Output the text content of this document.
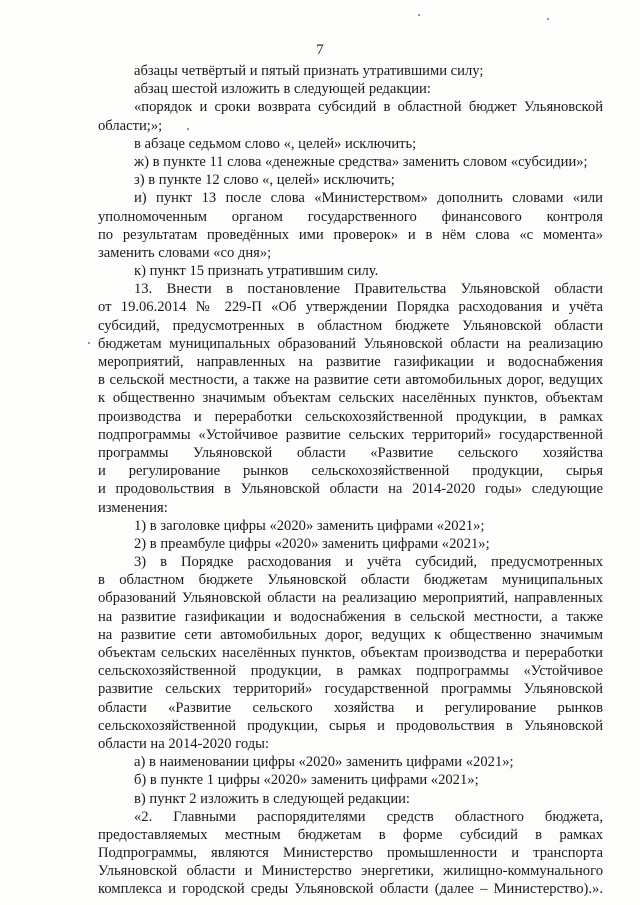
7
абзацы четвёртый и пятый признать утратившими силу;
абзац шестой изложить в следующей редакции:
«порядок и сроки возврата субсидий в областной бюджет Ульяновской
области;»;
в абзаце седьмом слово «, целей» исключить;
ж) в пункте 11 слова «денежные средства» заменить словом «субсидии»;
з) в пункте 12 слово «, целей» исключить;
и) пункт 13 после слова «Министерством» дополнить словами «или
уполномоченным органом государственного финансового контроля
по результатам проведённых ими проверок» и в нём слова «с момента»
заменить словами «со дня»;
к) пункт 15 признать утратившим силу.
13. Внести в постановление Правительства Ульяновской области
от 19.06.2014 № 229-П «Об утверждении Порядка расходования и учёта
субсидий, предусмотренных в областном бюджете Ульяновской области
бюджетам муниципальных образований Ульяновской области на реализацию
мероприятий, направленных на развитие газификации и водоснабжения
в сельской местности, а также на развитие сети автомобильных дорог, ведущих
к общественно значимым объектам сельских населённых пунктов, объектам
производства и переработки сельскохозяйственной продукции, в рамках
подпрограммы «Устойчивое развитие сельских территорий» государственной
программы Ульяновской области «Развитие сельского хозяйства
и регулирование рынков сельскохозяйственной продукции, сырья
и продовольствия в Ульяновской области на 2014-2020 годы» следующие
изменения:
1) в заголовке цифры «2020» заменить цифрами «2021»;
2) в преамбуле цифры «2020» заменить цифрами «2021»;
3) в Порядке расходования и учёта субсидий, предусмотренных
в областном бюджете Ульяновской области бюджетам муниципальных
образований Ульяновской области на реализацию мероприятий, направленных
на развитие газификации и водоснабжения в сельской местности, а также
на развитие сети автомобильных дорог, ведущих к общественно значимым
объектам сельских населённых пунктов, объектам производства и переработки
сельскохозяйственной продукции, в рамках подпрограммы «Устойчивое
развитие сельских территорий» государственной программы Ульяновской
области «Развитие сельского хозяйства и регулирование рынков
сельскохозяйственной продукции, сырья и продовольствия в Ульяновской
области на 2014-2020 годы:
а) в наименовании цифры «2020» заменить цифрами «2021»;
б) в пункте 1 цифры «2020» заменить цифрами «2021»;
в) пункт 2 изложить в следующей редакции:
«2. Главными распорядителями средств областного бюджета,
предоставляемых местным бюджетам в форме субсидий в рамках
Подпрограммы, являются Министерство промышленности и транспорта
Ульяновской области и Министерство энергетики, жилищно-коммунального
комплекса и городской среды Ульяновской области (далее – Министерство).».
